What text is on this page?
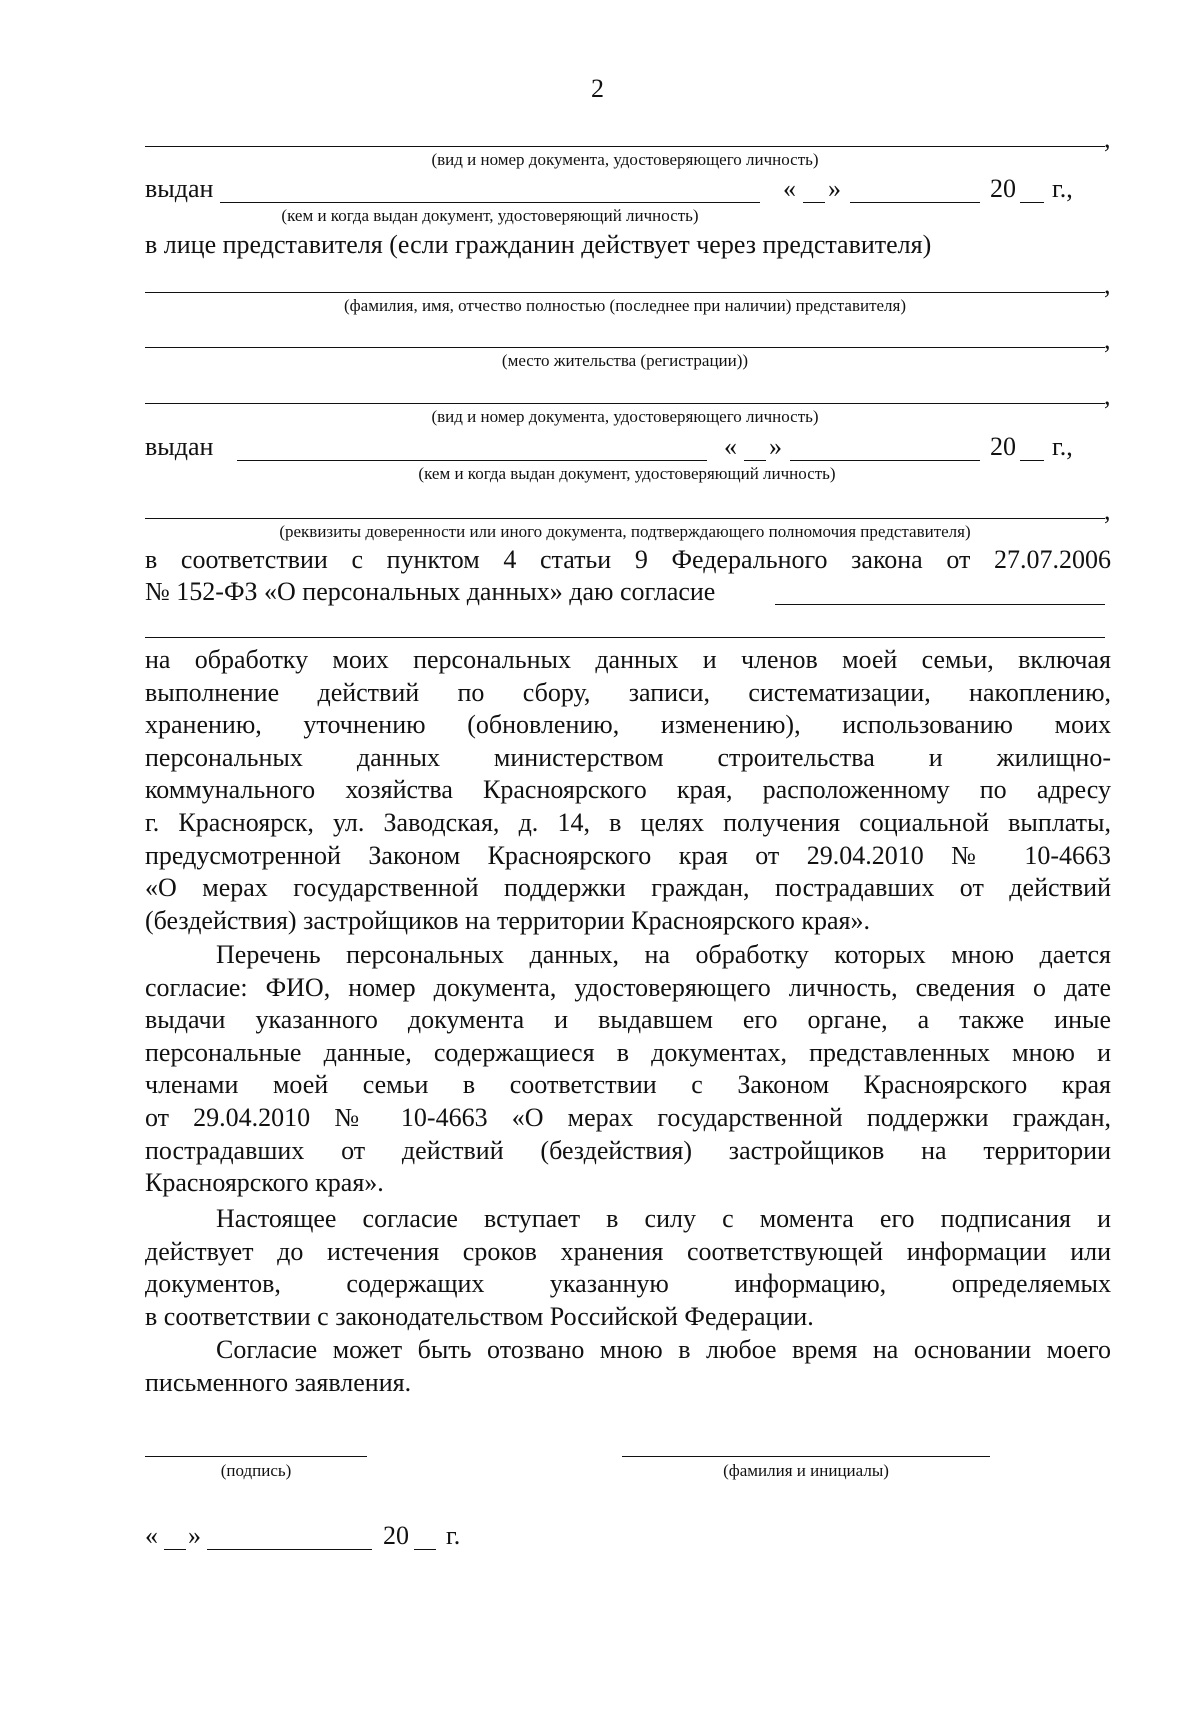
2
,
(вид и номер документа, удостоверяющего личность)
выдан	« »	20 г.,
(кем и когда выдан документ, удостоверяющий личность)
в лице представителя (если гражданин действует через представителя)
,
(фамилия, имя, отчество полностью (последнее при наличии) представителя)
,
(место жительства (регистрации))
,
(вид и номер документа, удостоверяющего личность)
выдан	« »	20 г.,
(кем и когда выдан документ, удостоверяющий личность)
,
(реквизиты доверенности или иного документа, подтверждающего полномочия представителя)
в соответствии с пунктом 4 статьи 9 Федерального закона от 27.07.2006
№ 152-ФЗ «О персональных данных» даю согласие
на обработку моих персональных данных и членов моей семьи, включая
выполнение действий по сбору, записи, систематизации, накоплению,
хранению, уточнению (обновлению, изменению), использованию моих
персональных данных министерством строительства и жилищно-
коммунального хозяйства Красноярского края, расположенному по адресу
г. Красноярск, ул. Заводская, д. 14, в целях получения социальной выплаты,
предусмотренной Законом Красноярского края от 29.04.2010 № 10-4663
«О мерах государственной поддержки граждан, пострадавших от действий
(бездействия) застройщиков на территории Красноярского края».
Перечень персональных данных, на обработку которых мною дается
согласие: ФИО, номер документа, удостоверяющего личность, сведения о дате
выдачи указанного документа и выдавшем его органе, а также иные
персональные данные, содержащиеся в документах, представленных мною и
членами моей семьи в соответствии с Законом Красноярского края
от 29.04.2010 № 10-4663 «О мерах государственной поддержки граждан,
пострадавших от действий (бездействия) застройщиков на территории
Красноярского края».
Настоящее согласие вступает в силу с момента его подписания и
действует до истечения сроков хранения соответствующей информации или
документов, содержащих указанную информацию, определяемых
в соответствии с законодательством Российской Федерации.
Согласие может быть отозвано мною в любое время на основании моего
письменного заявления.
(подпись)	(фамилия и инициалы)
« »	20 г.
